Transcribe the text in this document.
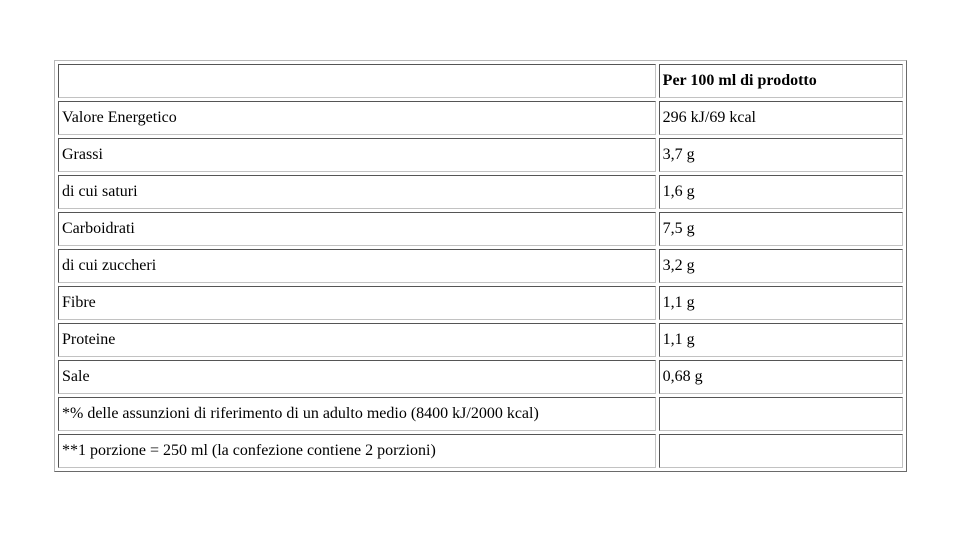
	Per 100 ml di prodotto
Valore Energetico	296 kJ/69 kcal
Grassi	3,7 g
di cui saturi	1,6 g
Carboidrati	7,5 g
di cui zuccheri	3,2 g
Fibre	1,1 g
Proteine	1,1 g
Sale	0,68 g
*% delle assunzioni di riferimento di un adulto medio (8400 kJ/2000 kcal)	
**1 porzione = 250 ml (la confezione contiene 2 porzioni)	
